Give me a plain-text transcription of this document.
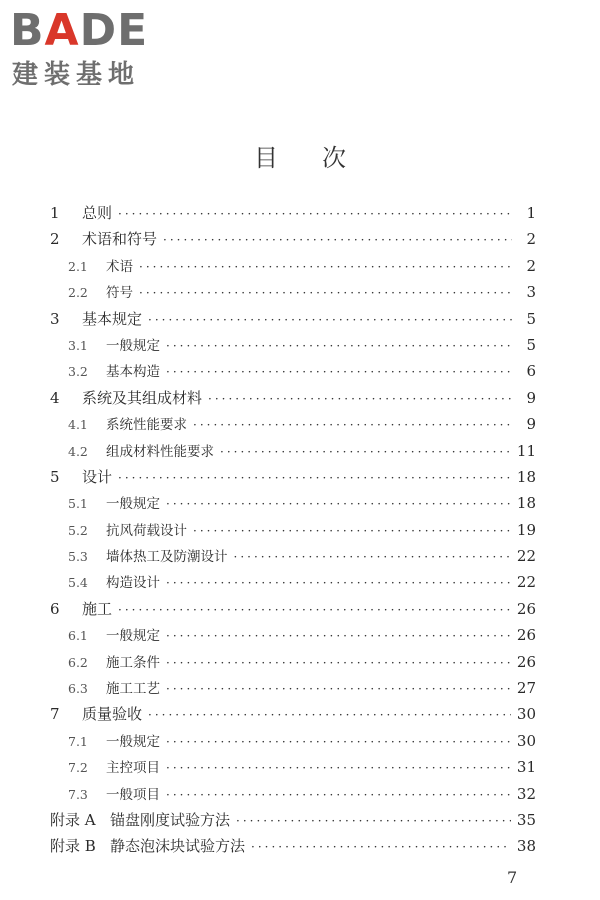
BADE
建装基地
目次
1	总则 ·····	1
2	术语和符号 ·····	2
2.1	术语 ·····	2
2.2	符号 ·····	3
3	基本规定 ·····	5
3.1	一般规定 ·····	5
3.2	基本构造 ·····	6
4	系统及其组成材料 ·····	9
4.1	系统性能要求 ·····	9
4.2	组成材料性能要求 ·····	11
5	设计 ·····	18
5.1	一般规定 ·····	18
5.2	抗风荷载设计 ·····	19
5.3	墙体热工及防潮设计 ·····	22
5.4	构造设计 ·····	22
6	施工 ·····	26
6.1	一般规定 ·····	26
6.2	施工条件 ·····	26
6.3	施工工艺 ·····	27
7	质量验收 ·····	30
7.1	一般规定 ·····	30
7.2	主控项目 ·····	31
7.3	一般项目 ·····	32
附录 A 锚盘刚度试验方法 ·····	35
附录 B 静态泡沫块试验方法 ·····	38
7
